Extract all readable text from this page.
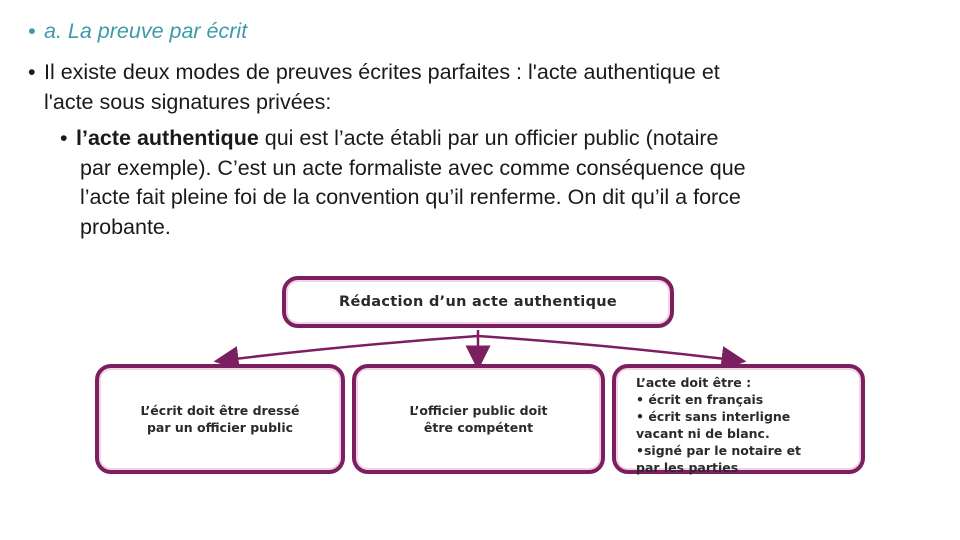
• a. La preuve par écrit
• Il existe deux modes de preuves écrites parfaites : l'acte authentique et
l'acte sous signatures privées:
• l’acte authentique qui est l’acte établi par un officier public (notaire
par exemple). C’est un acte formaliste avec comme conséquence que
l’acte fait pleine foi de la convention qu’il renferme. On dit qu’il a force
probante.
Rédaction d’un acte authentique
L’écrit doit être dressé
par un officier public
L’officier public doit
être compétent
L’acte doit être :
• écrit en français
• écrit sans interligne
vacant ni de blanc.
•signé par le notaire et
par les parties
